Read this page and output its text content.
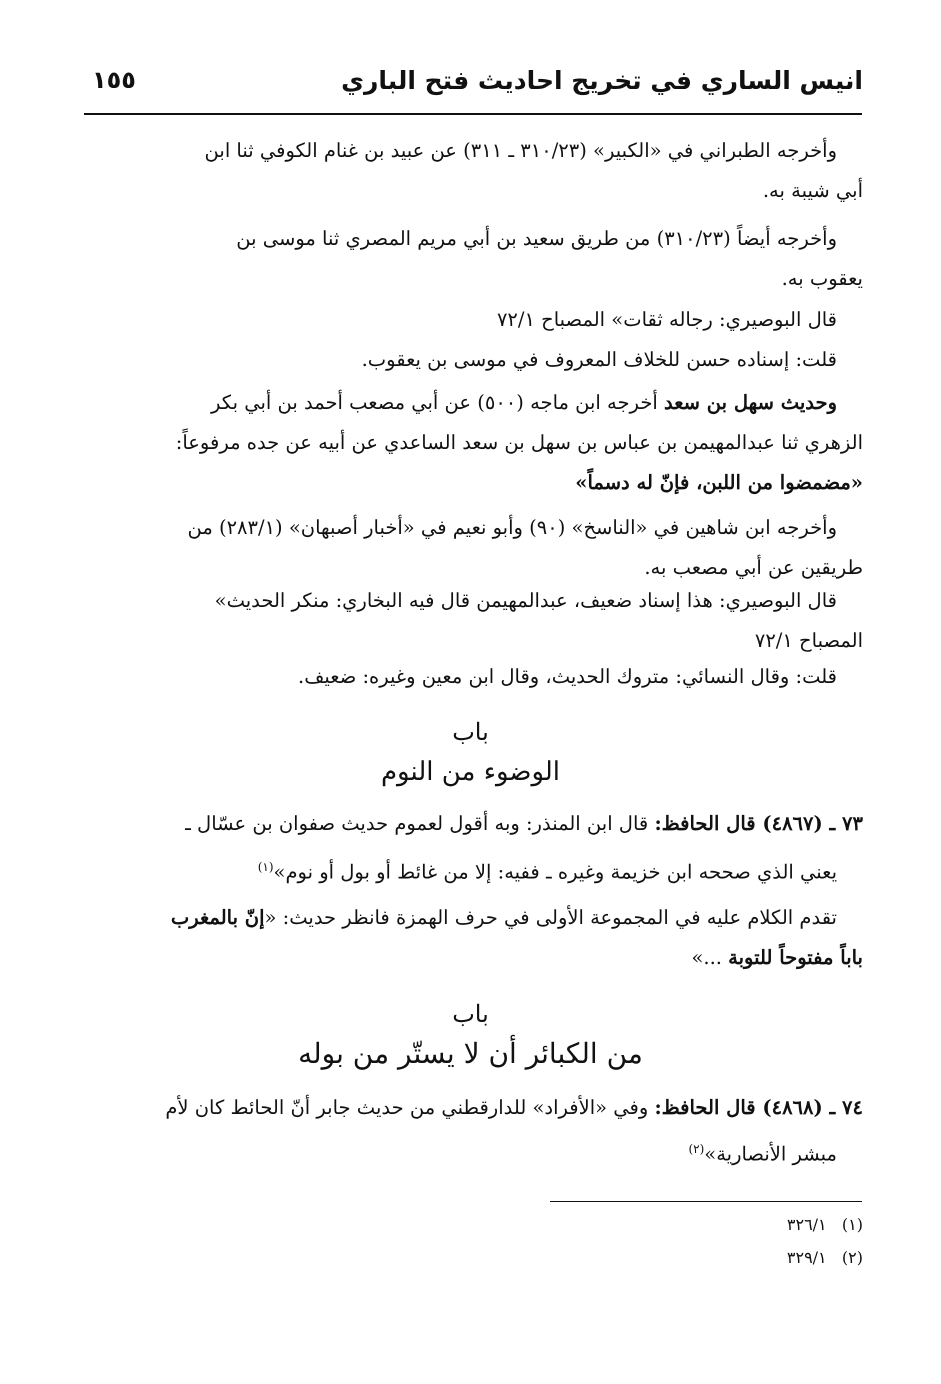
انيس الساري في تخريج احاديث فتح الباري
١٥٥
وأخرجه الطبراني في «الكبير» (٣١٠/٢٣ ـ ٣١١) عن عبيد بن غنام الكوفي ثنا ابن
أبي شيبة به.
وأخرجه أيضاً (٣١٠/٢٣) من طريق سعيد بن أبي مريم المصري ثنا موسى بن
يعقوب به.
قال البوصيري: رجاله ثقات» المصباح ٧٢/١
قلت: إسناده حسن للخلاف المعروف في موسى بن يعقوب.
وحديث سهل بن سعد أخرجه ابن ماجه (٥٠٠) عن أبي مصعب أحمد بن أبي بكر
الزهري ثنا عبدالمهيمن بن عباس بن سهل بن سعد الساعدي عن أبيه عن جده مرفوعاً:
«مضمضوا من اللبن، فإنّ له دسماً»
وأخرجه ابن شاهين في «الناسخ» (٩٠) وأبو نعيم في «أخبار أصبهان» (٢٨٣/١) من
طريقين عن أبي مصعب به.
قال البوصيري: هذا إسناد ضعيف، عبدالمهيمن قال فيه البخاري: منكر الحديث»
المصباح ٧٢/١
قلت: وقال النسائي: متروك الحديث، وقال ابن معين وغيره: ضعيف.
باب
الوضوء من النوم
٧٣ ـ (٤٨٦٧) قال الحافظ: قال ابن المنذر: وبه أقول لعموم حديث صفوان بن عسّال ـ
يعني الذي صححه ابن خزيمة وغيره ـ ففيه: إلا من غائط أو بول أو نوم»$^{(١)}$
تقدم الكلام عليه في المجموعة الأولى في حرف الهمزة فانظر حديث: «إنّ بالمغرب
باباً مفتوحاً للتوبة ...»
باب
من الكبائر أن لا يستّر من بوله
٧٤ ـ (٤٨٦٨) قال الحافظ: وفي «الأفراد» للدارقطني من حديث جابر أنّ الحائط كان لأم
مبشر الأنصارية»$^{(٢)}$
(١)   ٣٢٦/١
(٢)   ٣٢٩/١
